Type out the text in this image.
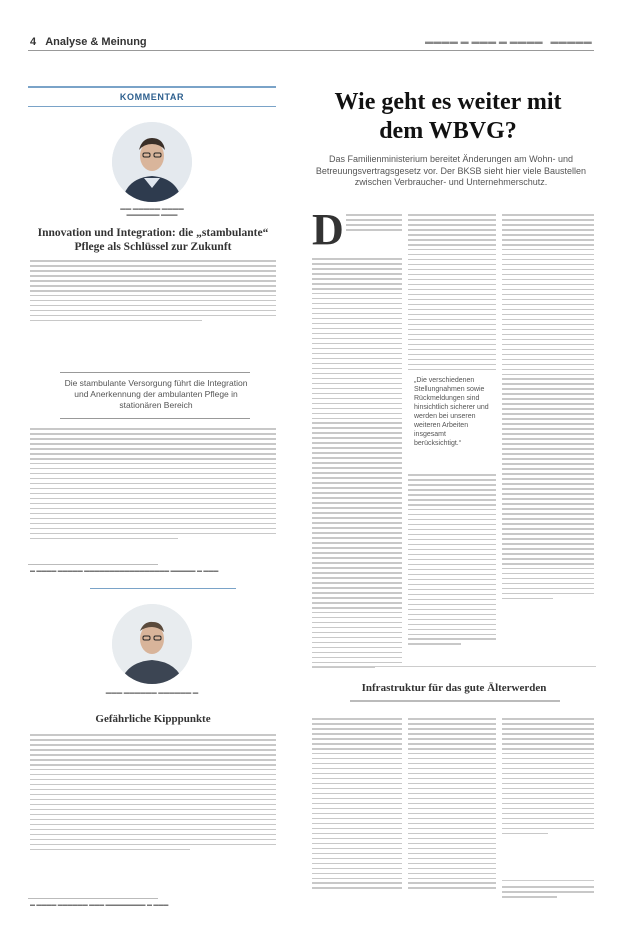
4 Analyse & Meinung	▬▬▬▬ ▬ ▬▬▬ ▬ ▬▬▬▬   ▬▬▬▬▬
KOMMENTAR
▬▬ ▬▬▬▬▬ ▬▬▬▬
▬▬▬▬▬▬ ▬▬▬
Innovation und Integration: die „stambulante“
Pflege als Schlüssel zur Zukunft
Die stambulante Versorgung führt die Integration und Anerkennung der ambulanten Pflege in stationären Bereich
▬ ▬▬▬▬ ▬▬▬▬▬ ▬▬▬▬▬▬▬▬▬▬▬▬▬▬▬▬▬ ▬▬▬▬▬ ▬ ▬▬▬
▬▬▬ ▬▬▬▬▬▬ ▬▬▬▬▬▬ ▬
Gefährliche Kipppunkte
▬ ▬▬▬▬ ▬▬▬▬▬▬ ▬▬▬ ▬▬▬▬▬▬▬▬ ▬ ▬▬▬
Wie geht es weiter mit
dem WBVG?
Das Familienministerium bereitet Änderungen am Wohn- und Betreuungsvertragsgesetz vor. Der BKSB sieht hier viele Baustellen zwischen Verbraucher- und Unternehmerschutz.
D
„Die verschiedenen Stellungnahmen sowie Rückmeldungen sind hinsichtlich sicherer und werden bei unseren weiteren Arbeiten insgesamt berücksichtigt.“
Infrastruktur für das gute Älterwerden
